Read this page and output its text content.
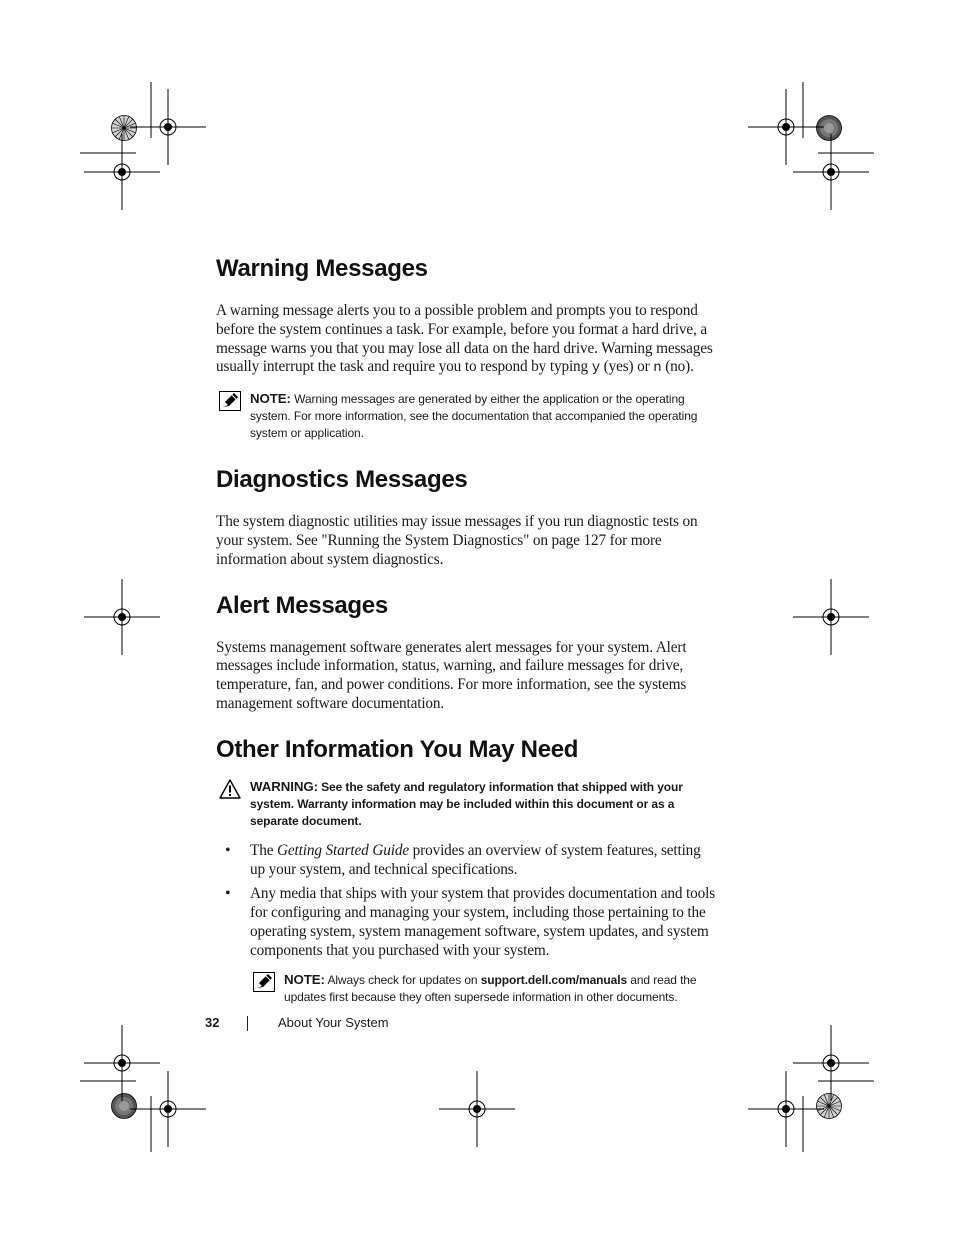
Warning Messages

A warning message alerts you to a possible problem and prompts you to respond before the system continues a task. For example, before you format a hard drive, a message warns you that you may lose all data on the hard drive. Warning messages usually interrupt the task and require you to respond by typing y (yes) or n (no).

NOTE: Warning messages are generated by either the application or the operating system. For more information, see the documentation that accompanied the operating system or application.
Diagnostics Messages

The system diagnostic utilities may issue messages if you run diagnostic tests on your system. See "Running the System Diagnostics" on page 127 for more information about system diagnostics.

Alert Messages

Systems management software generates alert messages for your system. Alert messages include information, status, warning, and failure messages for drive, temperature, fan, and power conditions. For more information, see the systems management software documentation.

Other Information You May Need
WARNING: See the safety and regulatory information that shipped with your system. Warranty information may be included within this document or as a separate document.
• The Getting Started Guide provides an overview of system features, setting up your system, and technical specifications.

• Any media that ships with your system that provides documentation and tools for configuring and managing your system, including those pertaining to the operating system, system management software, system updates, and system components that you purchased with your system.

NOTE: Always check for updates on support.dell.com/manuals and read the updates first because they often supersede information in other documents.
32	About Your System
